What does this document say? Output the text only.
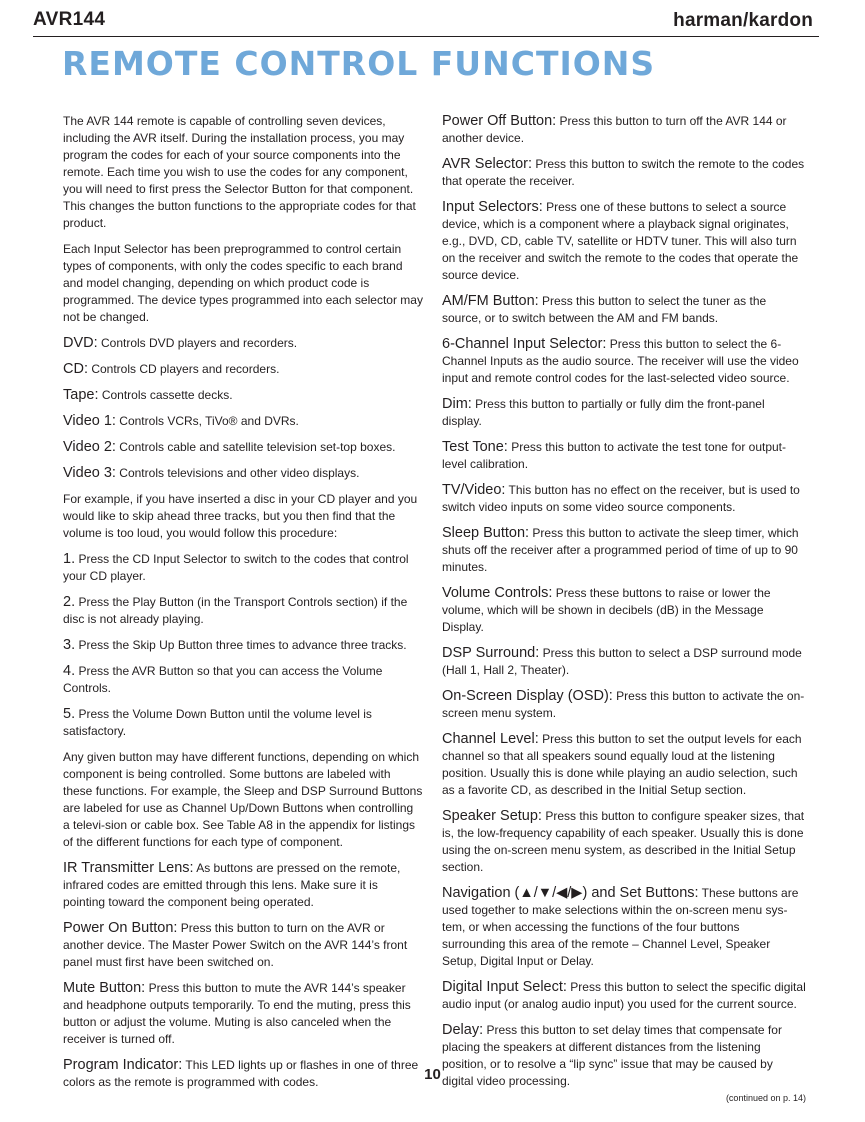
AVR144	harman/kardon
REMOTE CONTROL FUNCTIONS

The AVR 144 remote is capable of controlling seven devices, including the AVR itself. During the installation process, you may program the codes for each of your source components into the remote. Each time you wish to use the codes for any component, you will need to first press the Selector Button for that component. This changes the button functions to the appropriate codes for that product.

Each Input Selector has been preprogrammed to control certain types of components, with only the codes specific to each brand and model changing, depending on which product code is programmed. The device types programmed into each selector may not be changed.

DVD: Controls DVD players and recorders.

CD: Controls CD players and recorders.

Tape: Controls cassette decks.

Video 1: Controls VCRs, TiVo® and DVRs.

Video 2: Controls cable and satellite television set-top boxes.

Video 3: Controls televisions and other video displays.

For example, if you have inserted a disc in your CD player and you would like to skip ahead three tracks, but you then find that the volume is too loud, you would follow this procedure:

1. Press the CD Input Selector to switch to the codes that control your CD player.

2. Press the Play Button (in the Transport Controls section) if the disc is not already playing.

3. Press the Skip Up Button three times to advance three tracks.

4. Press the AVR Button so that you can access the Volume Controls.

5. Press the Volume Down Button until the volume level is satisfactory.

Any given button may have different functions, depending on which component is being controlled. Some buttons are labeled with these functions. For example, the Sleep and DSP Surround Buttons are labeled for use as Channel Up/Down Buttons when controlling a televi-sion or cable box. See Table A8 in the appendix for listings of the different functions for each type of component.

IR Transmitter Lens: As buttons are pressed on the remote, infrared codes are emitted through this lens. Make sure it is pointing toward the component being operated.

Power On Button: Press this button to turn on the AVR or another device. The Master Power Switch on the AVR 144’s front panel must first have been switched on.

Mute Button: Press this button to mute the AVR 144’s speaker and headphone outputs temporarily. To end the muting, press this button or adjust the volume. Muting is also canceled when the receiver is turned off.

Program Indicator: This LED lights up or flashes in one of three colors as the remote is programmed with codes.

Power Off Button: Press this button to turn off the AVR 144 or another device.

AVR Selector: Press this button to switch the remote to the codes that operate the receiver.

Input Selectors: Press one of these buttons to select a source device, which is a component where a playback signal originates, e.g., DVD, CD, cable TV, satellite or HDTV tuner. This will also turn on the receiver and switch the remote to the codes that operate the source device.

AM/FM Button: Press this button to select the tuner as the source, or to switch between the AM and FM bands.

6-Channel Input Selector: Press this button to select the 6-Channel Inputs as the audio source. The receiver will use the video input and remote control codes for the last-selected video source.

Dim: Press this button to partially or fully dim the front-panel display.

Test Tone: Press this button to activate the test tone for output-level calibration.

TV/Video: This button has no effect on the receiver, but is used to switch video inputs on some video source components.

Sleep Button: Press this button to activate the sleep timer, which shuts off the receiver after a programmed period of time of up to 90 minutes.

Volume Controls: Press these buttons to raise or lower the volume, which will be shown in decibels (dB) in the Message Display.

DSP Surround: Press this button to select a DSP surround mode (Hall 1, Hall 2, Theater).

On-Screen Display (OSD): Press this button to activate the on-screen menu system.

Channel Level: Press this button to set the output levels for each channel so that all speakers sound equally loud at the listening position. Usually this is done while playing an audio selection, such as a favorite CD, as described in the Initial Setup section.

Speaker Setup: Press this button to configure speaker sizes, that is, the low-frequency capability of each speaker. Usually this is done using the on-screen menu system, as described in the Initial Setup section.

Navigation (▲/▼/◀/▶) and Set Buttons: These buttons are used together to make selections within the on-screen menu sys-tem, or when accessing the functions of the four buttons surrounding this area of the remote – Channel Level, Speaker Setup, Digital Input or Delay.

Digital Input Select: Press this button to select the specific digital audio input (or analog audio input) you used for the current source.

Delay: Press this button to set delay times that compensate for placing the speakers at different distances from the listening position, or to resolve a “lip sync” issue that may be caused by digital video processing.

(continued on p. 14)
10
